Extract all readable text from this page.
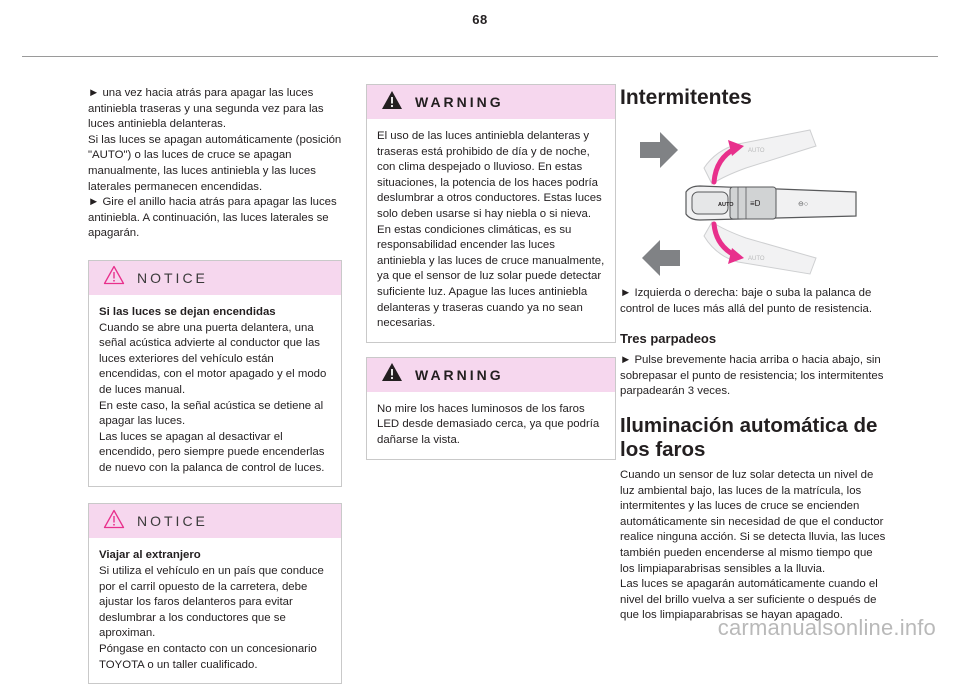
68

► una vez hacia atrás para apagar las luces antiniebla traseras y una segunda vez para las luces antiniebla delanteras.

Si las luces se apagan automáticamente (posición "AUTO") o las luces de cruce se apagan manualmente, las luces antiniebla y las luces laterales permanecen encendidas.

► Gire el anillo hacia atrás para apagar las luces antiniebla. A continuación, las luces laterales se apagarán.

NOTICE

Si las luces se dejan encendidas

Cuando se abre una puerta delantera, una señal acústica advierte al conductor que las luces exteriores del vehículo están encendidas, con el motor apagado y el modo de luces manual.

En este caso, la señal acústica se detiene al apagar las luces.

Las luces se apagan al desactivar el encendido, pero siempre puede encenderlas de nuevo con la palanca de control de luces.

NOTICE

Viajar al extranjero

Si utiliza el vehículo en un país que conduce por el carril opuesto de la carretera, debe ajustar los faros delanteros para evitar deslumbrar a los conductores que se aproximan.

Póngase en contacto con un concesionario TOYOTA o un taller cualificado.

WARNING

El uso de las luces antiniebla delanteras y traseras está prohibido de día y de noche, con clima despejado o lluvioso. En estas situaciones, la potencia de los haces podría deslumbrar a otros conductores. Estas luces solo deben usarse si hay niebla o si nieva.

En estas condiciones climáticas, es su responsabilidad encender las luces antiniebla y las luces de cruce manualmente, ya que el sensor de luz solar puede detectar suficiente luz. Apague las luces antiniebla delanteras y traseras cuando ya no sean necesarias.

WARNING

No mire los haces luminosos de los faros LED desde demasiado cerca, ya que podría dañarse la vista.

Intermitentes
AUTO
AUTO
AUTO ≡D	⊖○

► Izquierda o derecha: baje o suba la palanca de control de luces más allá del punto de resistencia.

Tres parpadeos

► Pulse brevemente hacia arriba o hacia abajo, sin sobrepasar el punto de resistencia; los intermitentes parpadearán 3 veces.

Iluminación automática de los faros

Cuando un sensor de luz solar detecta un nivel de luz ambiental bajo, las luces de la matrícula, los intermitentes y las luces de cruce se encienden automáticamente sin necesidad de que el conductor realice ninguna acción. Si se detecta lluvia, las luces también pueden encenderse al mismo tiempo que los limpiaparabrisas sensibles a la lluvia.

Las luces se apagarán automáticamente cuando el nivel del brillo vuelva a ser suficiente o después de que los limpiaparabrisas se hayan apagado.

carmanualsonline.info
